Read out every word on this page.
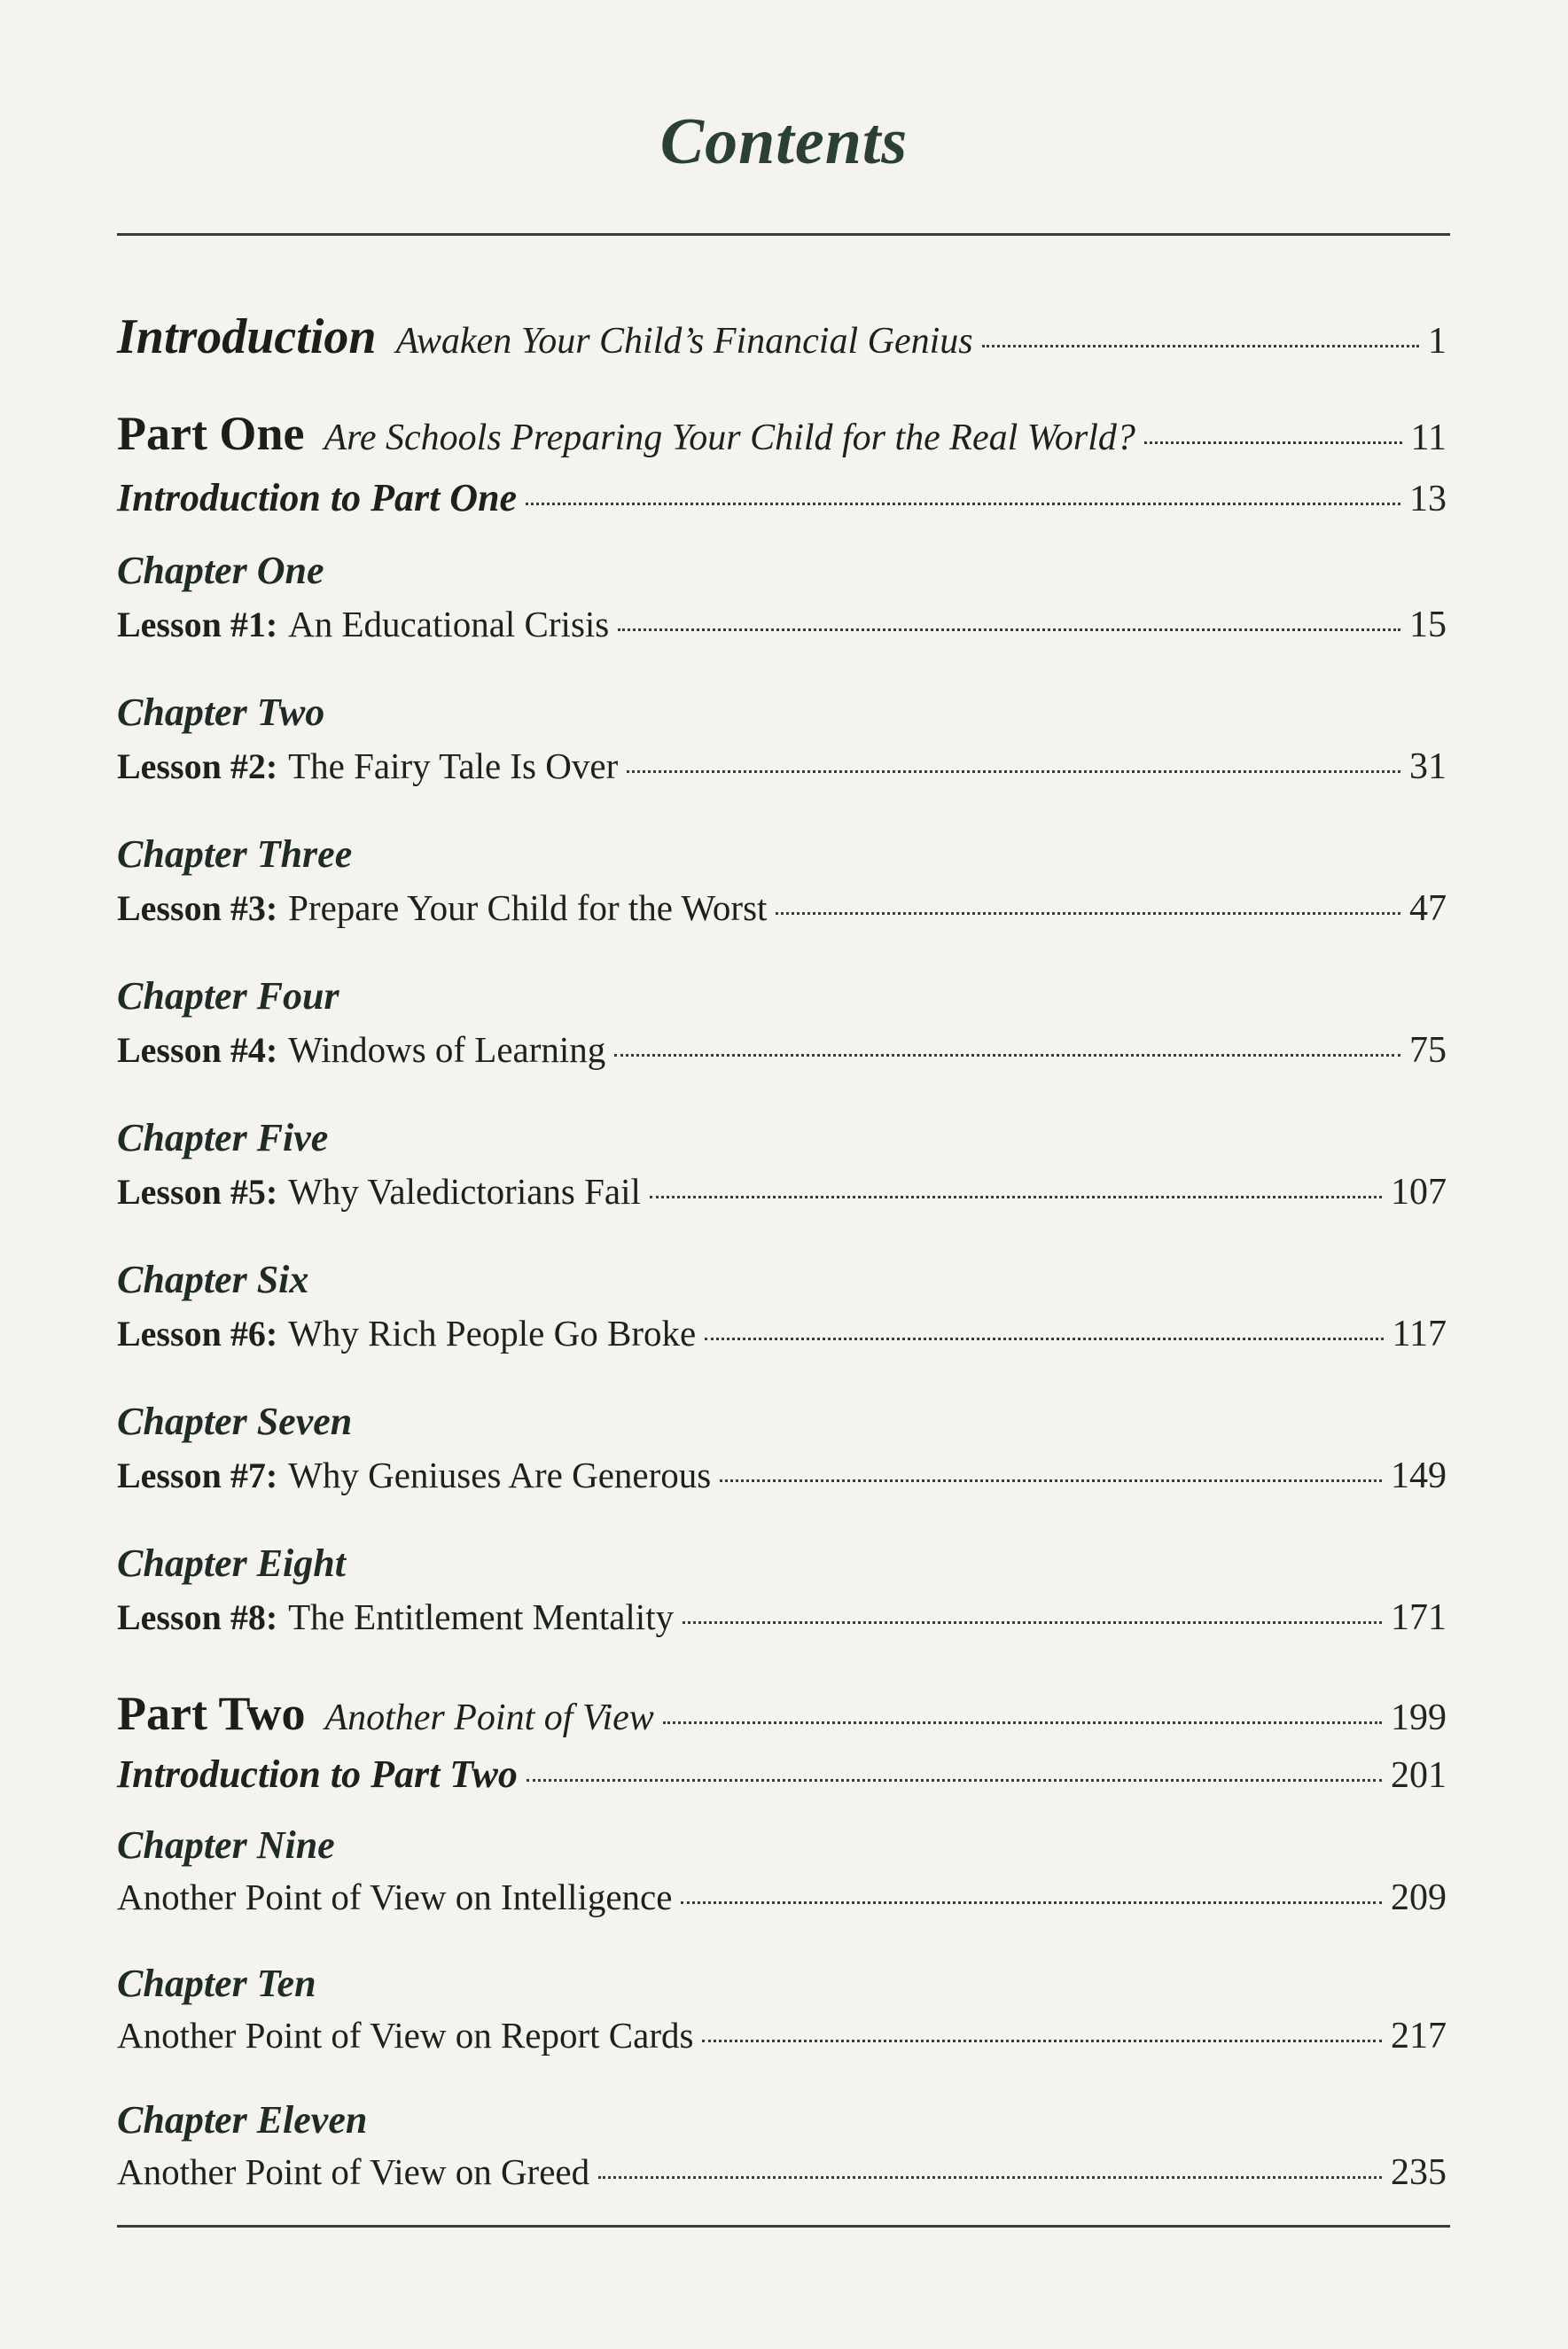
Contents
Introduction Awaken Your Child’s Financial Genius	1
Part One Are Schools Preparing Your Child for the Real World?	11
Introduction to Part One	13
Chapter One
Lesson #1: An Educational Crisis	15
Chapter Two
Lesson #2: The Fairy Tale Is Over	31
Chapter Three
Lesson #3: Prepare Your Child for the Worst	47
Chapter Four
Lesson #4: Windows of Learning	75
Chapter Five
Lesson #5: Why Valedictorians Fail	107
Chapter Six
Lesson #6: Why Rich People Go Broke	117
Chapter Seven
Lesson #7: Why Geniuses Are Generous	149
Chapter Eight
Lesson #8: The Entitlement Mentality	171
Part Two Another Point of View	199
Introduction to Part Two	201
Chapter Nine
Another Point of View on Intelligence	209
Chapter Ten
Another Point of View on Report Cards	217
Chapter Eleven
Another Point of View on Greed	235
